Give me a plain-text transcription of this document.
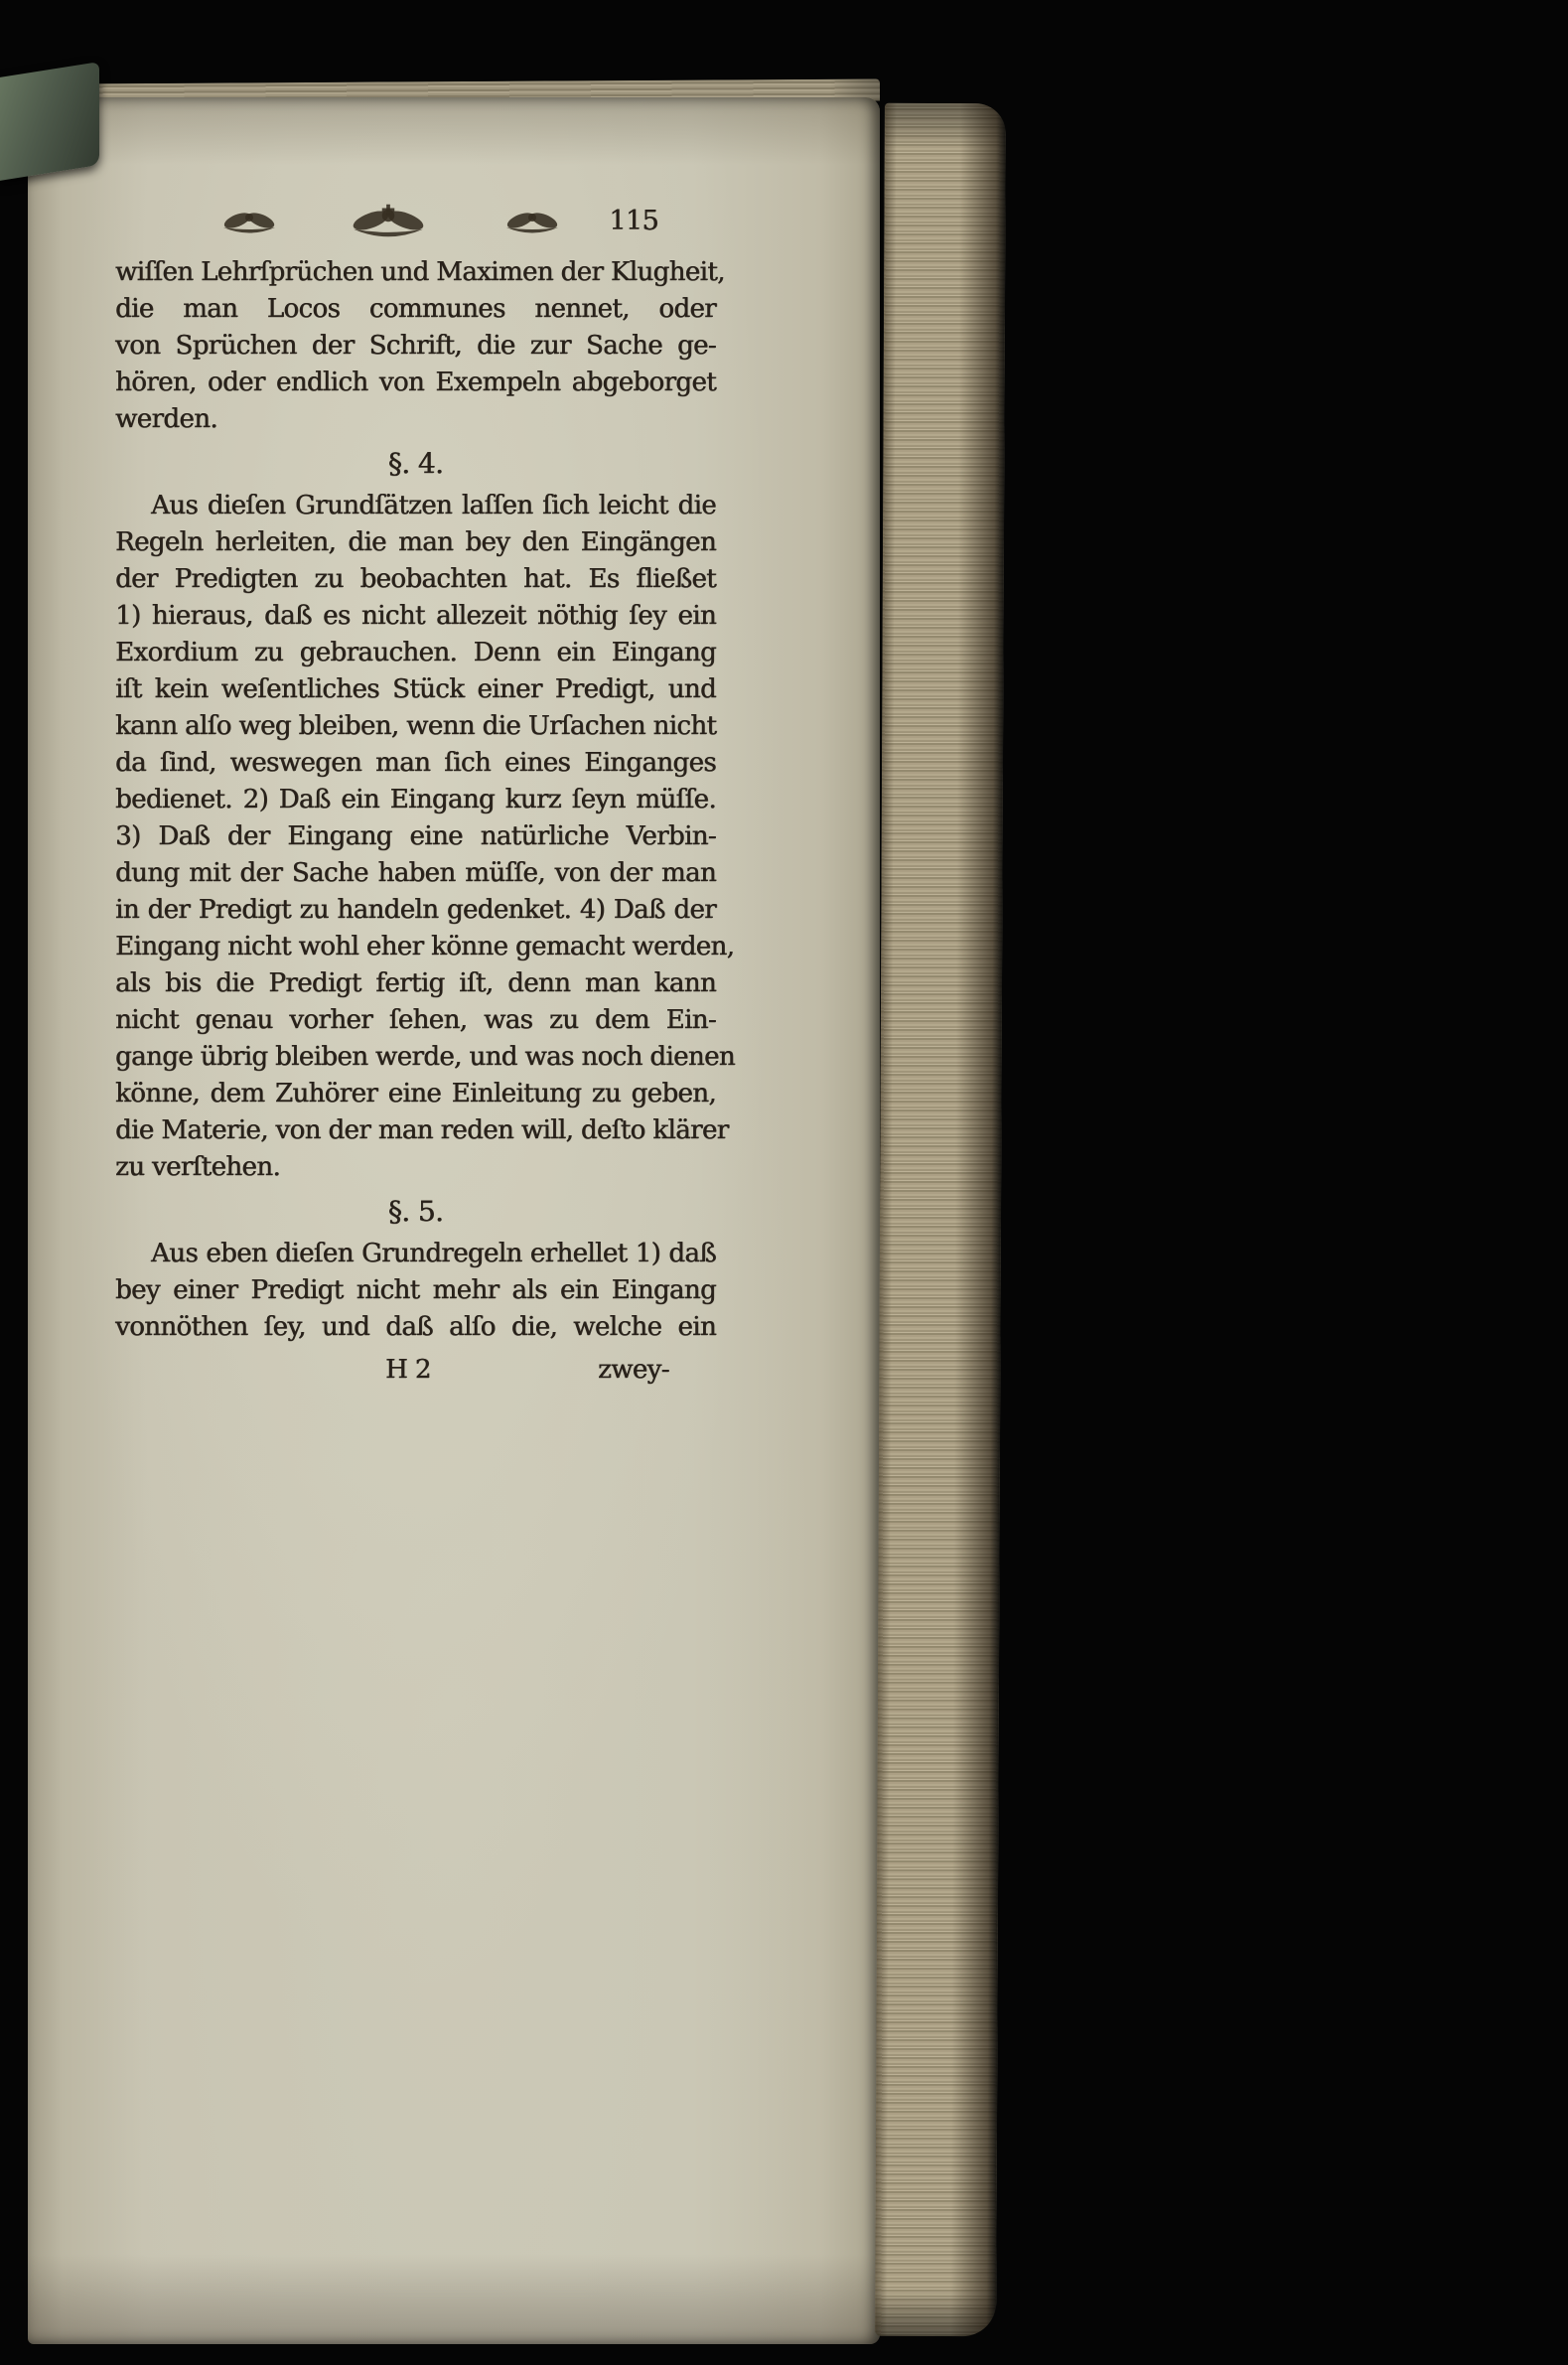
115
wiſſen Lehrſprüchen und Maximen der Klugheit,
die man Locos communes nennet, oder
von Sprüchen der Schrift, die zur Sache ge-
hören, oder endlich von Exempeln abgeborget
werden.
§. 4.
Aus dieſen Grundſätzen laſſen ſich leicht die
Regeln herleiten, die man bey den Eingängen
der Predigten zu beobachten hat. Es fließet
1) hieraus, daß es nicht allezeit nöthig ſey ein
Exordium zu gebrauchen. Denn ein Eingang
iſt kein weſentliches Stück einer Predigt, und
kann alſo weg bleiben, wenn die Urſachen nicht
da ſind, weswegen man ſich eines Einganges
bedienet. 2) Daß ein Eingang kurz ſeyn müſſe.
3) Daß der Eingang eine natürliche Verbin-
dung mit der Sache haben müſſe, von der man
in der Predigt zu handeln gedenket. 4) Daß der
Eingang nicht wohl eher könne gemacht werden,
als bis die Predigt fertig iſt, denn man kann
nicht genau vorher ſehen, was zu dem Ein-
gange übrig bleiben werde, und was noch dienen
könne, dem Zuhörer eine Einleitung zu geben,
die Materie, von der man reden will, deſto klärer
zu verſtehen.
§. 5.
Aus eben dieſen Grundregeln erhellet 1) daß
bey einer Predigt nicht mehr als ein Eingang
vonnöthen ſey, und daß alſo die, welche ein
H 2	zwey-
